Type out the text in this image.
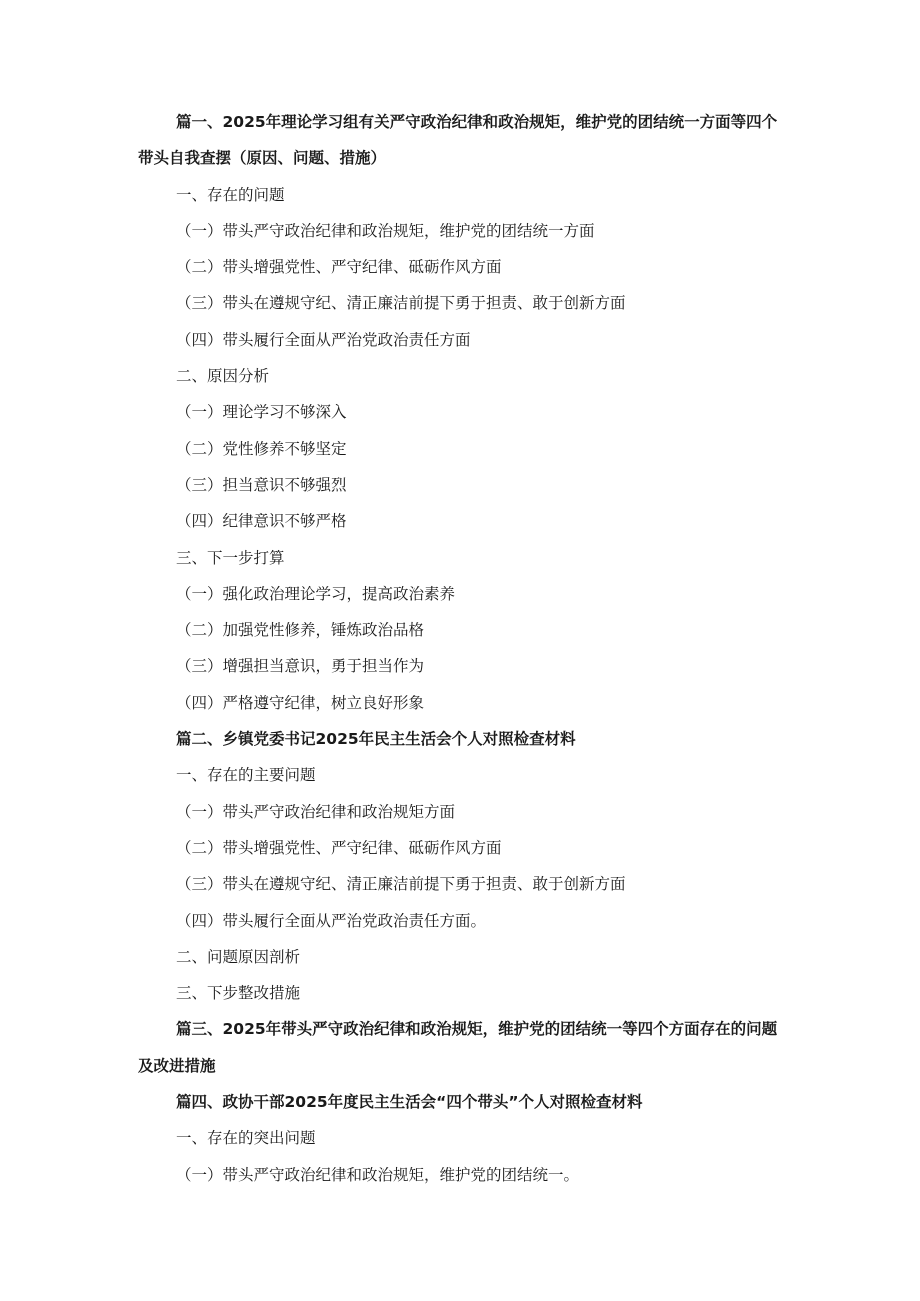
篇一、2025年理论学习组有关严守政治纪律和政治规矩，维护党的团结统一方面等四个带头自我查摆（原因、问题、措施）

一、存在的问题

（一）带头严守政治纪律和政治规矩，维护党的团结统一方面

（二）带头增强党性、严守纪律、砥砺作风方面

（三）带头在遵规守纪、清正廉洁前提下勇于担责、敢于创新方面

（四）带头履行全面从严治党政治责任方面

二、原因分析

（一）理论学习不够深入

（二）党性修养不够坚定

（三）担当意识不够强烈

（四）纪律意识不够严格

三、下一步打算

（一）强化政治理论学习，提高政治素养

（二）加强党性修养，锤炼政治品格

（三）增强担当意识，勇于担当作为

（四）严格遵守纪律，树立良好形象

篇二、乡镇党委书记2025年民主生活会个人对照检查材料

一、存在的主要问题

（一）带头严守政治纪律和政治规矩方面

（二）带头增强党性、严守纪律、砥砺作风方面

（三）带头在遵规守纪、清正廉洁前提下勇于担责、敢于创新方面

（四）带头履行全面从严治党政治责任方面。

二、问题原因剖析

三、下步整改措施

篇三、2025年带头严守政治纪律和政治规矩，维护党的团结统一等四个方面存在的问题及改进措施

篇四、政协干部2025年度民主生活会“四个带头”个人对照检查材料

一、存在的突出问题

（一）带头严守政治纪律和政治规矩，维护党的团结统一。
